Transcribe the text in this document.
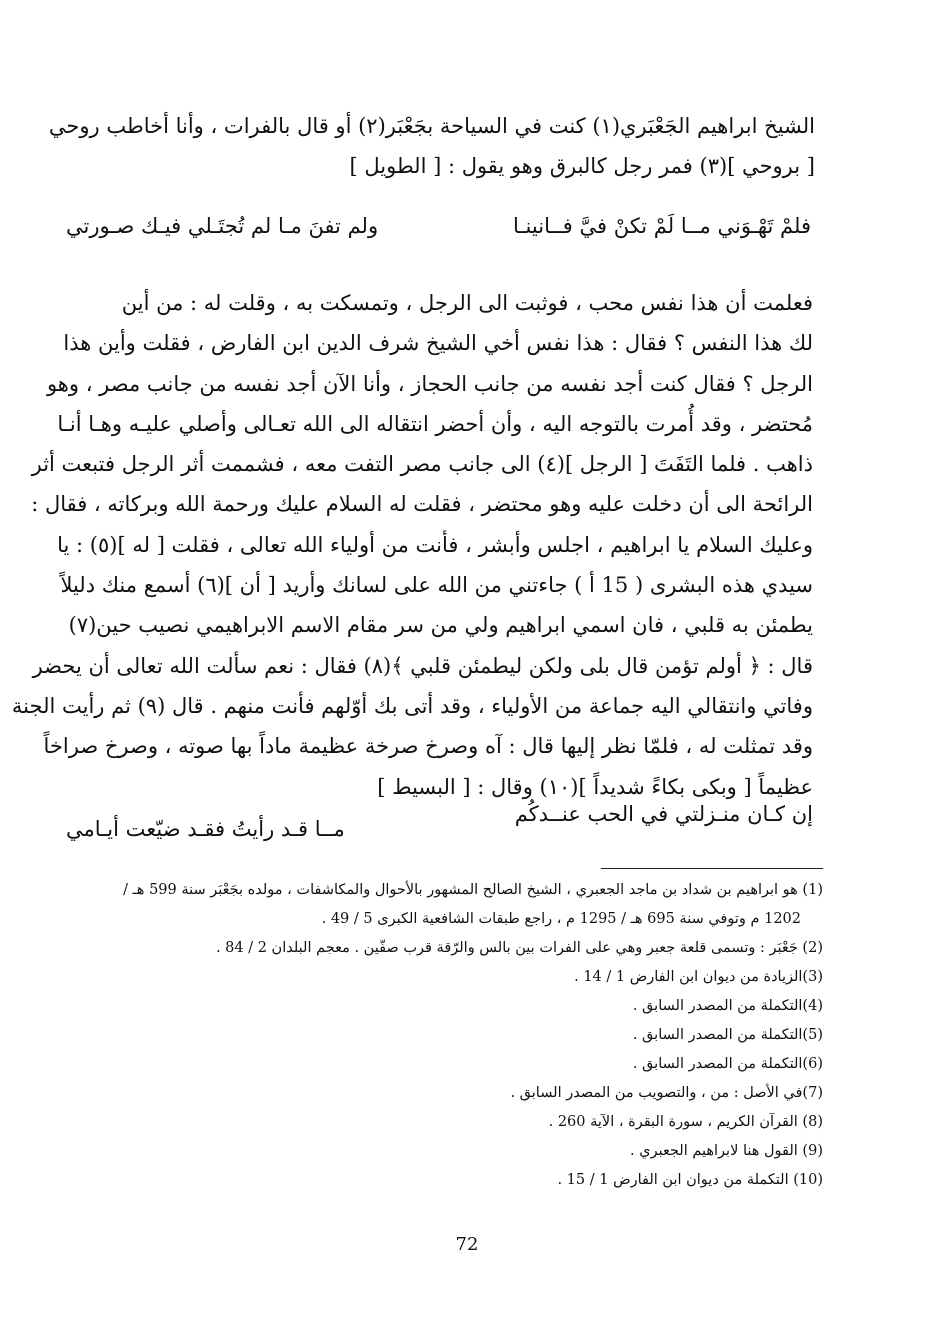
الشيخ ابراهيم الجَعْبَري(١) كنت في السياحة بجَعْبَر(٢) أو قال بالفرات ، وأنا أخاطب روحي
[ بروحي ](٣) فمر رجل كالبرق وهو يقول : [ الطويل ]
فلمْ تَهْـوَني مــا لَمْ تكنْ فيَّ فــانينـا
ولم تفنَ مـا لم تُجتَـلي فيـك صـورتي
فعلمت أن هذا نفس محب ، فوثبت الى الرجل ، وتمسكت به ، وقلت له : من أين
لك هذا النفس ؟ فقال : هذا نفس أخي الشيخ شرف الدين ابن الفارض ، فقلت وأين هذا
الرجل ؟ فقال كنت أجد نفسه من جانب الحجاز ، وأنا الآن أجد نفسه من جانب مصر ، وهو
مُحتضر ، وقد أُمرت بالتوجه اليه ، وأن أحضر انتقاله الى الله تعـالى وأصلي عليـه وهـا أنـا
ذاهب . فلما التَفَتَ [ الرجل ](٤) الى جانب مصر التفت معه ، فشممت أثر الرجل فتبعت أثر
الرائحة الى أن دخلت عليه وهو محتضر ، فقلت له السلام عليك ورحمة الله وبركاته ، فقال :
وعليك السلام يا ابراهيم ، اجلس وأبشر ، فأنت من أولياء الله تعالى ، فقلت [ له ](٥) : يا
سيدي هذه البشرى ( 15 أ ) جاءتني من الله على لسانك وأريد [ أن ](٦) أسمع منك دليلاً
يطمئن به قلبي ، فان اسمي ابراهيم ولي من سر مقام الاسم الابراهيمي نصيب حين(٧)
قال : ﴿ أولم تؤمن قال بلى ولكن ليطمئن قلبي ﴾(٨) فقال : نعم سألت الله تعالى أن يحضر
وفاتي وانتقالي اليه جماعة من الأولياء ، وقد أتى بك أوّلهم فأنت منهم . قال (٩) ثم رأيت الجنة
وقد تمثلت له ، فلمّا نظر إليها قال : آه وصرخ صرخة عظيمة ماداً بها صوته ، وصرخ صراخاً
عظيماً [ وبكى بكاءً شديداً ](١٠) وقال : [ البسيط ]
إن كـان منـزلتي في الحب عنــدكُم
مــا قـد رأيتُ فقـد ضيّعت أيـامي
(1) هو ابراهيم بن شداد بن ماجد الجعبري ، الشيخ الصالح المشهور بالأحوال والمكاشفات ، مولده بجَعْبَر سنة 599 هـ /
1202 م وتوفي سنة 695 هـ / 1295 م ، راجع طبقات الشافعية الكبرى 5 / 49 .
(2) جَعْبَر : وتسمى قلعة جعبر وهي على الفرات بين بالس والرّقة قرب صفّين . معجم البلدان 2 / 84 .
(3)الزيادة من ديوان ابن الفارض 1 / 14 .
(4)التكملة من المصدر السابق .
(5)التكملة من المصدر السابق .
(6)التكملة من المصدر السابق .
(7)في الأصل : من ، والتصويب من المصدر السابق .
(8) القرآن الكريم ، سورة البقرة ، الآية 260 .
(9) القول هنا لابراهيم الجعبري .
(10) التكملة من ديوان ابن الفارض 1 / 15 .
72
